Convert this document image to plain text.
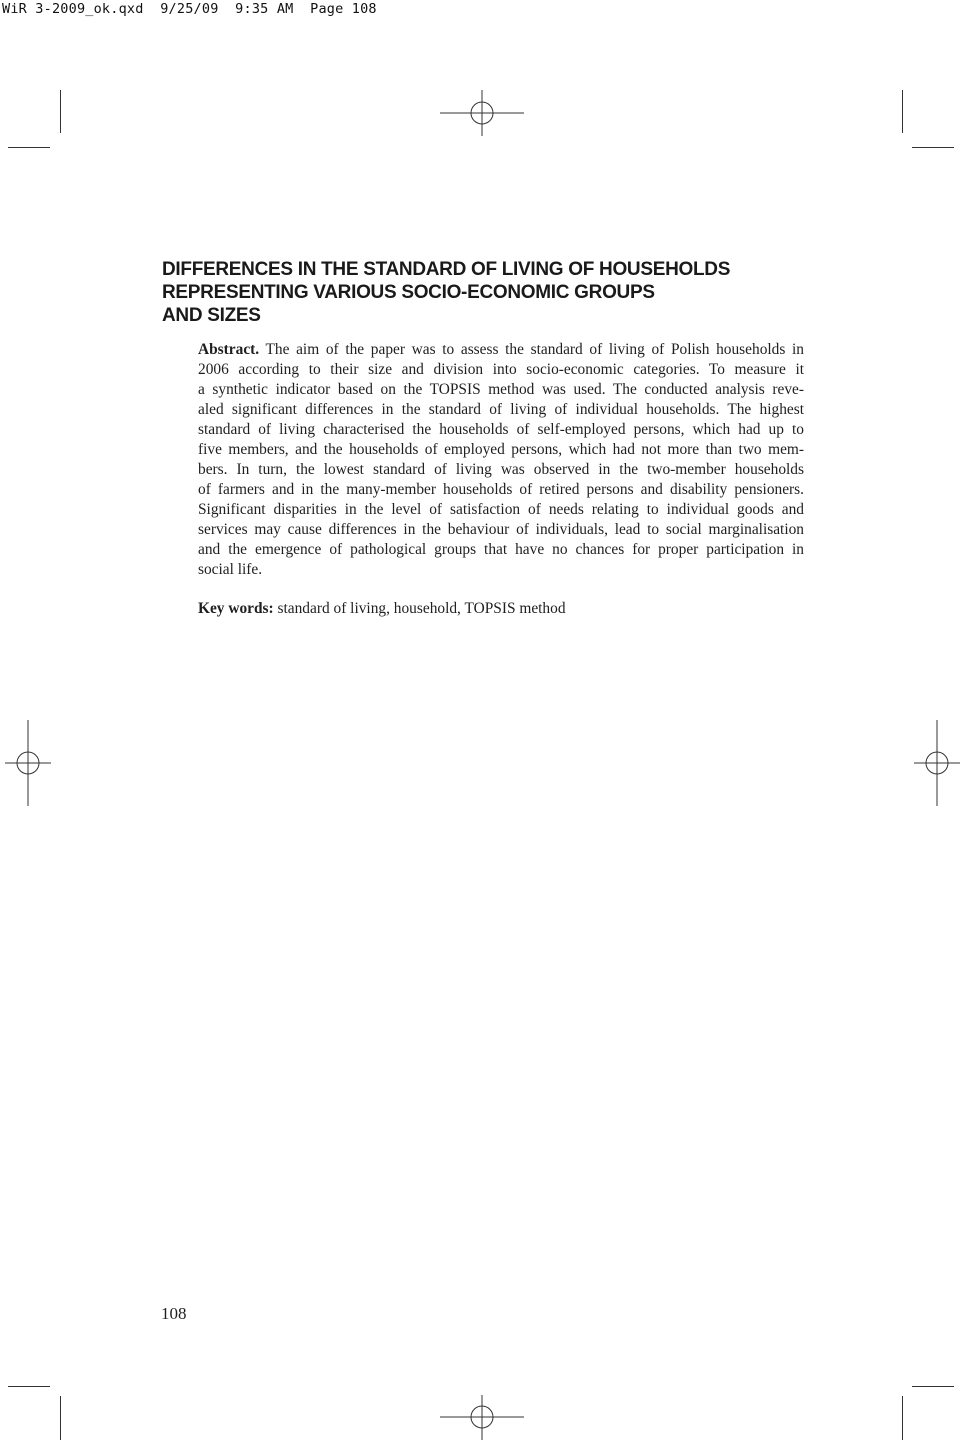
WiR 3-2009_ok.qxd  9/25/09  9:35 AM  Page 108
DIFFERENCES IN THE STANDARD OF LIVING OF HOUSEHOLDS
REPRESENTING VARIOUS SOCIO-ECONOMIC GROUPS
AND SIZES
Abstract. The aim of the paper was to assess the standard of living of Polish households in
2006 according to their size and division into socio-economic categories. To measure it
a synthetic indicator based on the TOPSIS method was used. The conducted analysis reve-
aled significant differences in the standard of living of individual households. The highest
standard of living characterised the households of self-employed persons, which had up to
five members, and the households of employed persons, which had not more than two mem-
bers. In turn, the lowest standard of living was observed in the two-member households
of farmers and in the many-member households of retired persons and disability pensioners.
Significant disparities in the level of satisfaction of needs relating to individual goods and
services may cause differences in the behaviour of individuals, lead to social marginalisation
and the emergence of pathological groups that have no chances for proper participation in
social life.
Key words: standard of living, household, TOPSIS method
108
